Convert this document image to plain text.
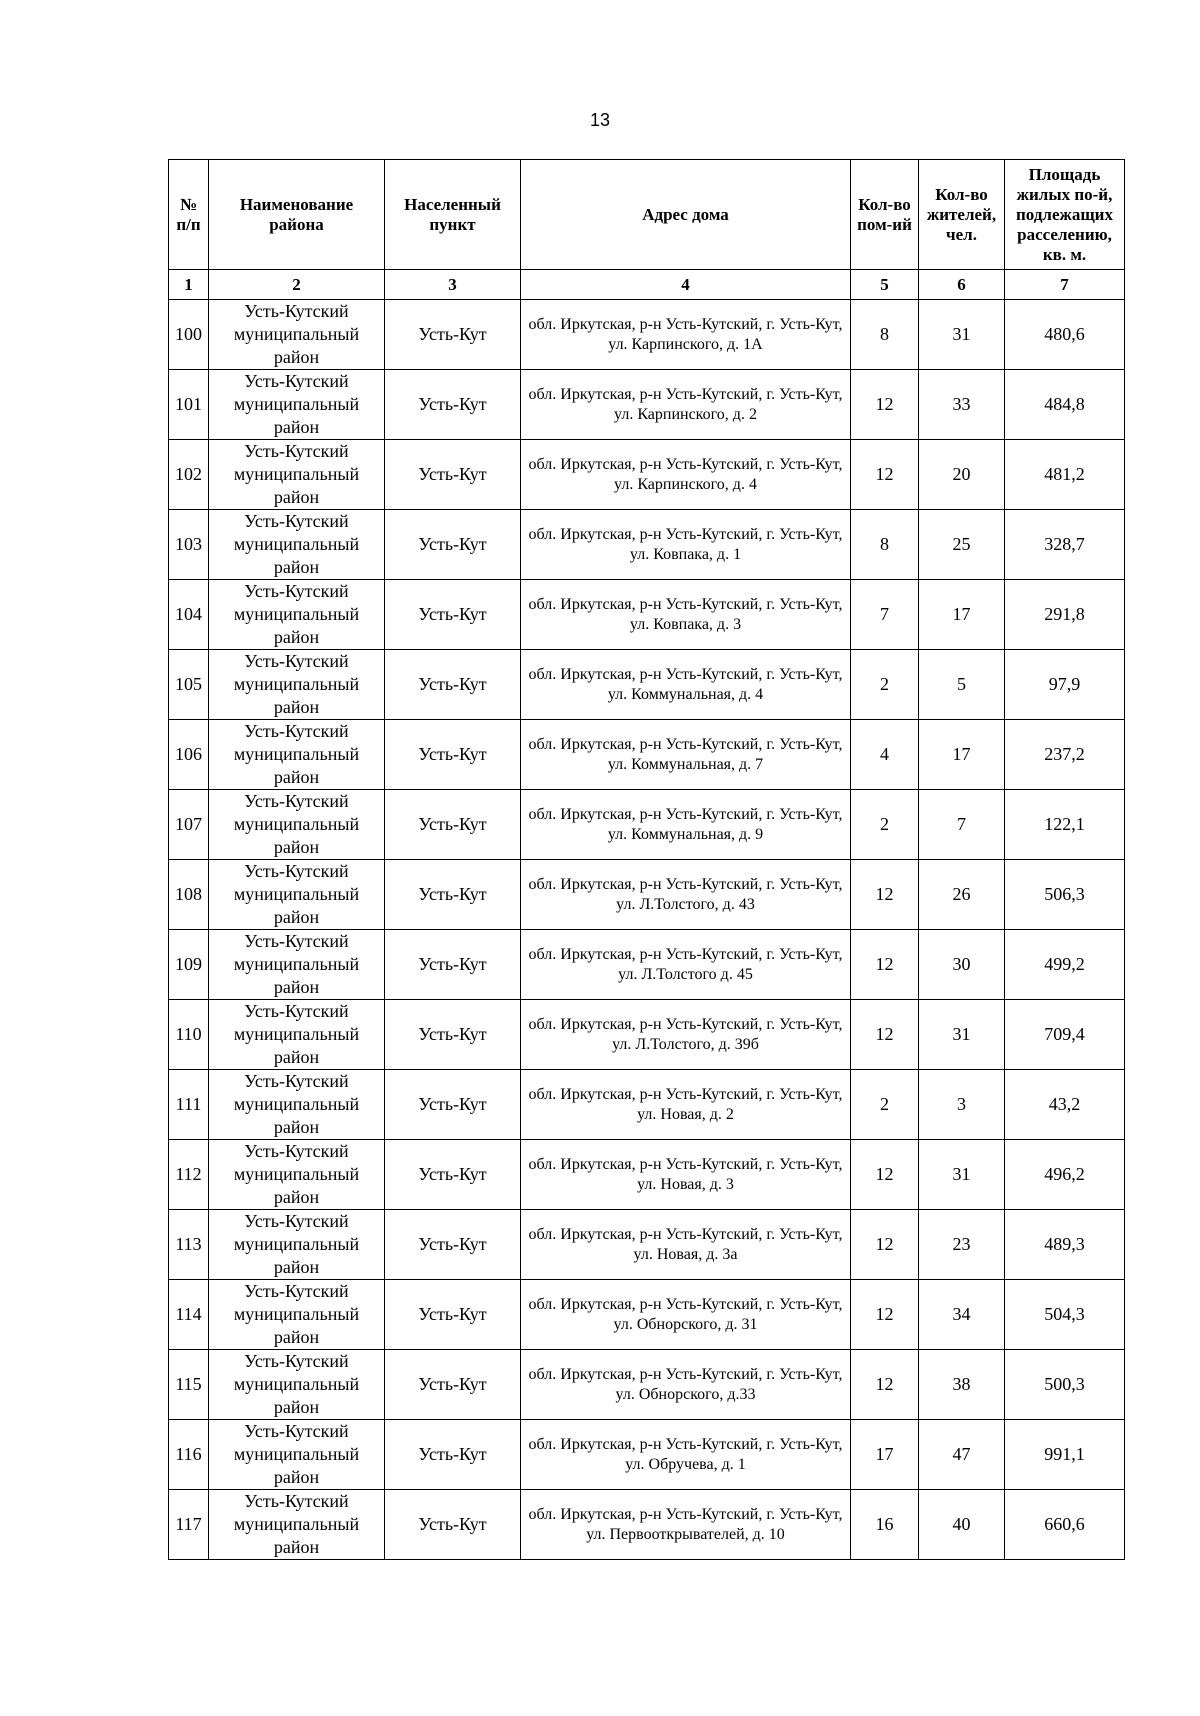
13
№ п/п	Наименование района	Населенный пункт	Адрес дома	Кол-во пом-ий	Кол-во жителей, чел.	Площадь жилых по-й, подлежащих расселению, кв. м.
1	2	3	4	5	6	7
100	Усть-Кутский муниципальный район	Усть-Кут	обл. Иркутская, р-н Усть-Кутский, г. Усть-Кут, ул. Карпинского, д. 1А	8	31	480,6
101	Усть-Кутский муниципальный район	Усть-Кут	обл. Иркутская, р-н Усть-Кутский, г. Усть-Кут, ул. Карпинского, д. 2	12	33	484,8
102	Усть-Кутский муниципальный район	Усть-Кут	обл. Иркутская, р-н Усть-Кутский, г. Усть-Кут, ул. Карпинского, д. 4	12	20	481,2
103	Усть-Кутский муниципальный район	Усть-Кут	обл. Иркутская, р-н Усть-Кутский, г. Усть-Кут, ул. Ковпака, д. 1	8	25	328,7
104	Усть-Кутский муниципальный район	Усть-Кут	обл. Иркутская, р-н Усть-Кутский, г. Усть-Кут, ул. Ковпака, д. 3	7	17	291,8
105	Усть-Кутский муниципальный район	Усть-Кут	обл. Иркутская, р-н Усть-Кутский, г. Усть-Кут, ул. Коммунальная, д. 4	2	5	97,9
106	Усть-Кутский муниципальный район	Усть-Кут	обл. Иркутская, р-н Усть-Кутский, г. Усть-Кут, ул. Коммунальная, д. 7	4	17	237,2
107	Усть-Кутский муниципальный район	Усть-Кут	обл. Иркутская, р-н Усть-Кутский, г. Усть-Кут, ул. Коммунальная, д. 9	2	7	122,1
108	Усть-Кутский муниципальный район	Усть-Кут	обл. Иркутская, р-н Усть-Кутский, г. Усть-Кут, ул. Л.Толстого, д. 43	12	26	506,3
109	Усть-Кутский муниципальный район	Усть-Кут	обл. Иркутская, р-н Усть-Кутский, г. Усть-Кут, ул. Л.Толстого д. 45	12	30	499,2
110	Усть-Кутский муниципальный район	Усть-Кут	обл. Иркутская, р-н Усть-Кутский, г. Усть-Кут, ул. Л.Толстого, д. 39б	12	31	709,4
111	Усть-Кутский муниципальный район	Усть-Кут	обл. Иркутская, р-н Усть-Кутский, г. Усть-Кут, ул. Новая, д. 2	2	3	43,2
112	Усть-Кутский муниципальный район	Усть-Кут	обл. Иркутская, р-н Усть-Кутский, г. Усть-Кут, ул. Новая, д. 3	12	31	496,2
113	Усть-Кутский муниципальный район	Усть-Кут	обл. Иркутская, р-н Усть-Кутский, г. Усть-Кут, ул. Новая, д. 3а	12	23	489,3
114	Усть-Кутский муниципальный район	Усть-Кут	обл. Иркутская, р-н Усть-Кутский, г. Усть-Кут, ул. Обнорского, д. 31	12	34	504,3
115	Усть-Кутский муниципальный район	Усть-Кут	обл. Иркутская, р-н Усть-Кутский, г. Усть-Кут, ул. Обнорского, д.33	12	38	500,3
116	Усть-Кутский муниципальный район	Усть-Кут	обл. Иркутская, р-н Усть-Кутский, г. Усть-Кут, ул. Обручева, д. 1	17	47	991,1
117	Усть-Кутский муниципальный район	Усть-Кут	обл. Иркутская, р-н Усть-Кутский, г. Усть-Кут, ул. Первооткрывателей, д. 10	16	40	660,6
